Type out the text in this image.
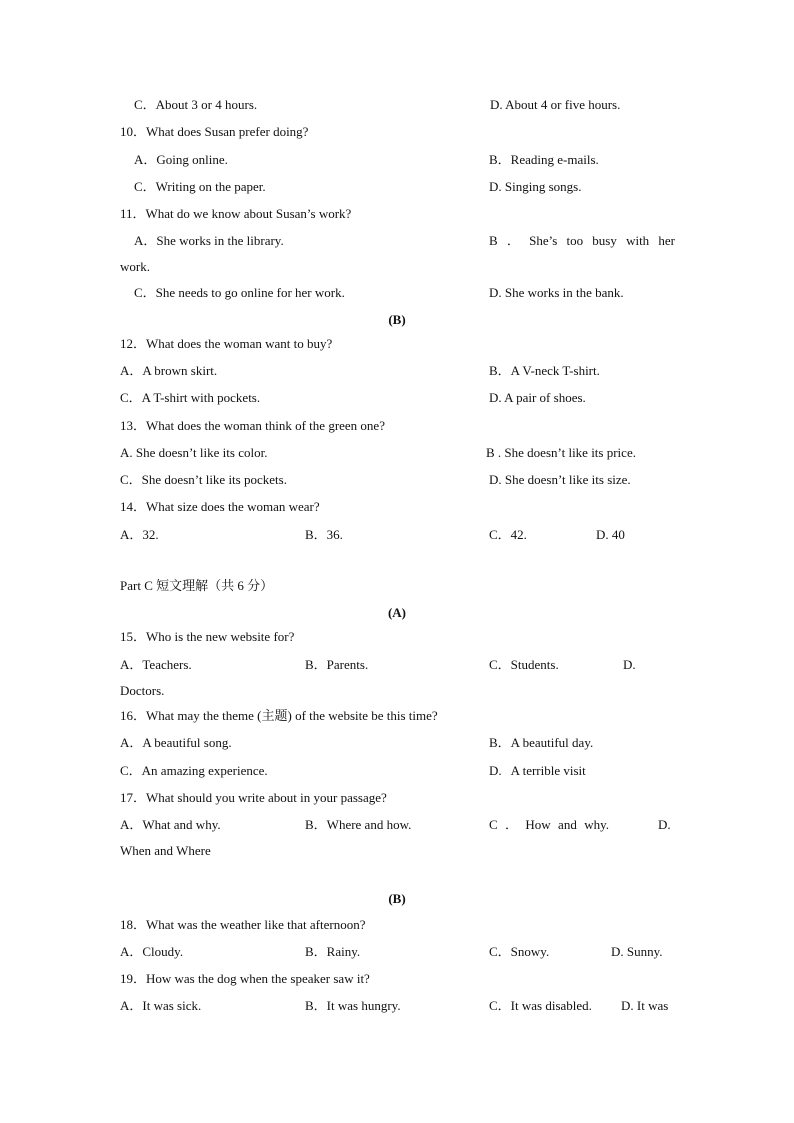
C．About 3 or 4 hours.	D. About 4 or five hours.
10．What does Susan prefer doing?
A．Going online.	B．Reading e-mails.
C．Writing on the paper.	D. Singing songs.
11．What do we know about Susan’s work?
A．She works in the library.	B ． She’s too busy with her
work.
C．She needs to go online for her work.	D. She works in the bank.
(B)
12．What does the woman want to buy?
A．A brown skirt.	B．A V-neck T-shirt.
C．A T-shirt with pockets.	D. A pair of shoes.
13．What does the woman think of the green one?
A. She doesn’t like its color.	B . She doesn’t like its price.
C．She doesn’t like its pockets.	D. She doesn’t like its size.
14．What size does the woman wear?
A．32.	B．36.	C．42.	D. 40
Part C 短文理解（共 6 分）
(A)
15．Who is the new website for?
A．Teachers.	B．Parents.	C．Students.	D.
Doctors.
16．What may the theme (主题) of the website be this time?
A．A beautiful song.	B．A beautiful day.
C．An amazing experience.	D.   A terrible visit
17．What should you write about in your passage?
A．What and why.	B．Where and how.	C ． How and why.	D.
When and Where
(B)
18．What was the weather like that afternoon?
A．Cloudy.	B．Rainy.	C．Snowy.	D. Sunny.
19．How was the dog when the speaker saw it?
A．It was sick.	B．It was hungry.	C．It was disabled. D. It was
